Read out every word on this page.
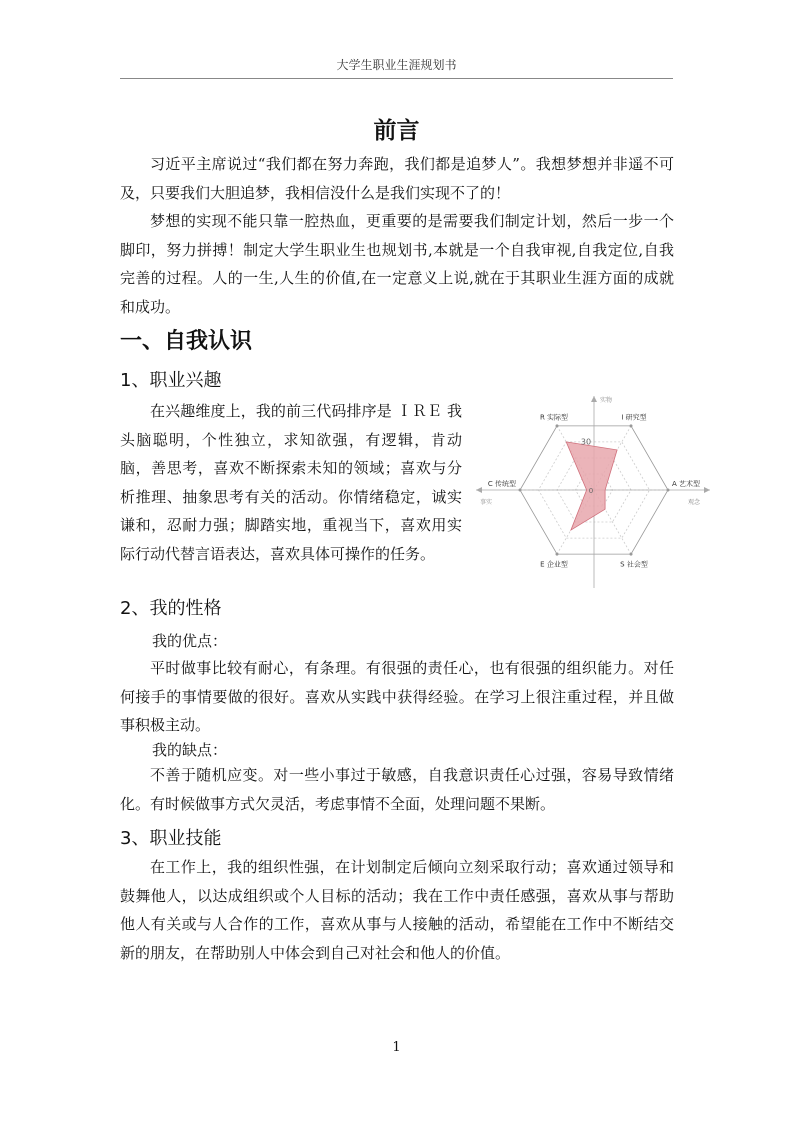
大学生职业生涯规划书
前言

习近平主席说过“我们都在努力奔跑，我们都是追梦人”。我想梦想并非遥不可及，只要我们大胆追梦，我相信没什么是我们实现不了的！

梦想的实现不能只靠一腔热血，更重要的是需要我们制定计划，然后一步一个脚印，努力拼搏！制定大学生职业生也规划书,本就是一个自我审视,自我定位,自我完善的过程。人的一生,人生的价值,在一定意义上说,就在于其职业生涯方面的成就和成功。

一、自我认识
1、职业兴趣

在兴趣维度上，我的前三代码排序是 ＩＲＥ 我头脑聪明，个性独立，求知欲强，有逻辑，肯动脑，善思考，喜欢不断探索未知的领域；喜欢与分析推理、抽象思考有关的活动。你情绪稳定，诚实谦和，忍耐力强；脚踏实地，重视当下，喜欢用实际行动代替言语表达，喜欢具体可操作的任务。

R 实际型	I 研究型
A 艺术型
S 社会型
E 企业型
C 传统型
30
0
实物
事实	观念
2、我的性格
我的优点：

平时做事比较有耐心，有条理。有很强的责任心，也有很强的组织能力。对任何接手的事情要做的很好。喜欢从实践中获得经验。在学习上很注重过程，并且做事积极主动。

我的缺点：

不善于随机应变。对一些小事过于敏感，自我意识责任心过强，容易导致情绪化。有时候做事方式欠灵活，考虑事情不全面，处理问题不果断。

3、职业技能

在工作上，我的组织性强，在计划制定后倾向立刻采取行动；喜欢通过领导和鼓舞他人，以达成组织或个人目标的活动；我在工作中责任感强，喜欢从事与帮助他人有关或与人合作的工作，喜欢从事与人接触的活动，希望能在工作中不断结交新的朋友，在帮助别人中体会到自己对社会和他人的价值。

1
